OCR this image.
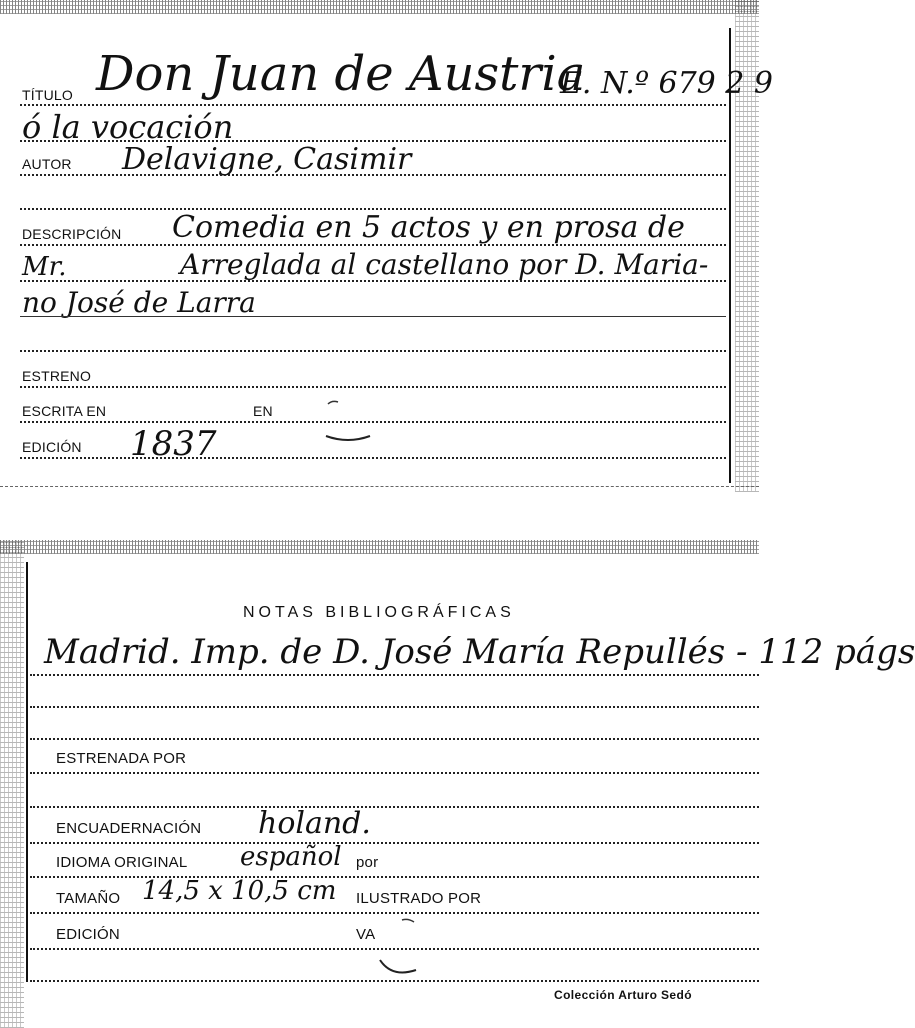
TÍTULO Don Juan de Austria
E. N.º 679 2 9
ó la vocación
AUTOR Delavigne, Casimir
DESCRIPCIÓN Comedia en 5 actos y en prosa de
Mr.	Arreglada al castellano por D. Maria-
no José de Larra
ESTRENO
ESCRITA EN	EN
EDICIÓN 1837
NOTAS BIBLIOGRÁFICAS
Madrid. Imp. de D. José María Repullés - 112 págs
ESTRENADA POR
ENCUADERNACIÓN holand.
IDIOMA ORIGINAL español por
TAMAÑO 14,5 x 10,5 cm ILUSTRADO POR
EDICIÓN	VA
Colección Arturo Sedó
